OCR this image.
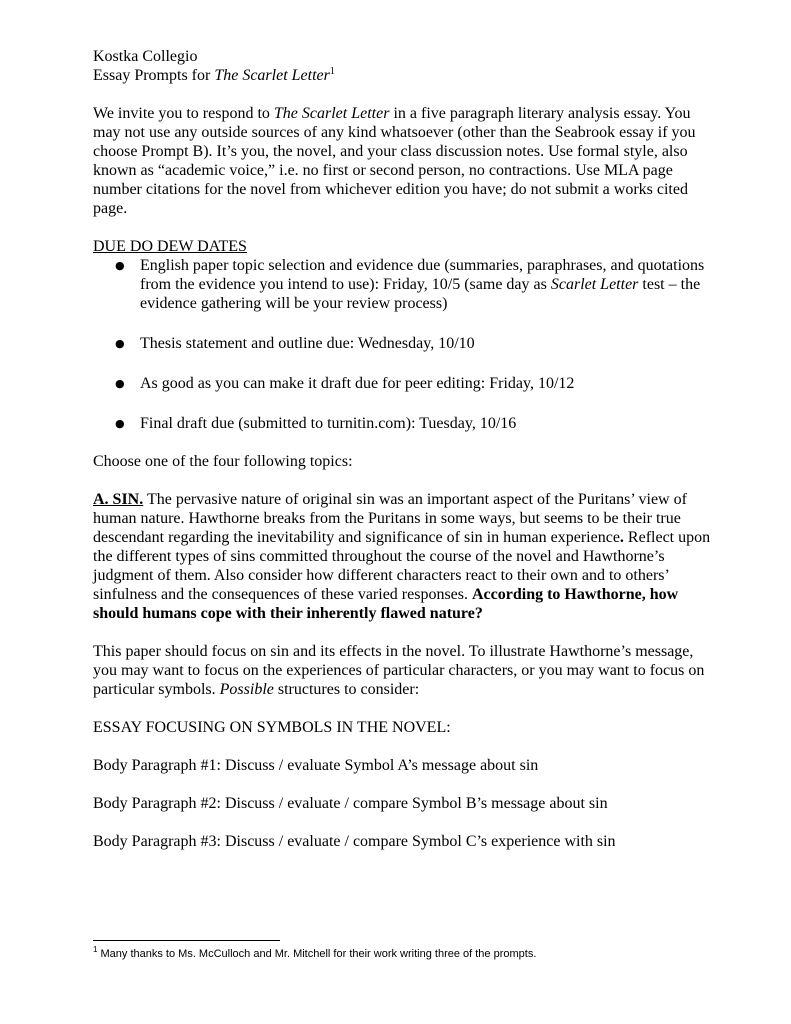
Kostka Collegio

Essay Prompts for The Scarlet Letter$^1$

We invite you to respond to The Scarlet Letter in a five paragraph literary analysis essay. You may not use any outside sources of any kind whatsoever (other than the Seabrook essay if you choose Prompt B). It’s you, the novel, and your class discussion notes. Use formal style, also known as “academic voice,” i.e. no first or second person, no contractions. Use MLA page number citations for the novel from whichever edition you have; do not submit a works cited page.

DUE DO DEW DATES

● English paper topic selection and evidence due (summaries, paraphrases, and quotations from the evidence you intend to use): Friday, 10/5 (same day as Scarlet Letter test – the evidence gathering will be your review process)
● Thesis statement and outline due: Wednesday, 10/10
● As good as you can make it draft due for peer editing: Friday, 10/12
● Final draft due (submitted to turnitin.com): Tuesday, 10/16

Choose one of the four following topics:

A. SIN. The pervasive nature of original sin was an important aspect of the Puritans’ view of human nature. Hawthorne breaks from the Puritans in some ways, but seems to be their true descendant regarding the inevitability and significance of sin in human experience. Reflect upon the different types of sins committed throughout the course of the novel and Hawthorne’s judgment of them. Also consider how different characters react to their own and to others’ sinfulness and the consequences of these varied responses. According to Hawthorne, how should humans cope with their inherently flawed nature?

This paper should focus on sin and its effects in the novel. To illustrate Hawthorne’s message, you may want to focus on the experiences of particular characters, or you may want to focus on particular symbols. Possible structures to consider:

ESSAY FOCUSING ON SYMBOLS IN THE NOVEL:

Body Paragraph #1: Discuss / evaluate Symbol A’s message about sin

Body Paragraph #2: Discuss / evaluate / compare Symbol B’s message about sin

Body Paragraph #3: Discuss / evaluate / compare Symbol C’s experience with sin

$^1$ Many thanks to Ms. McCulloch and Mr. Mitchell for their work writing three of the prompts.
